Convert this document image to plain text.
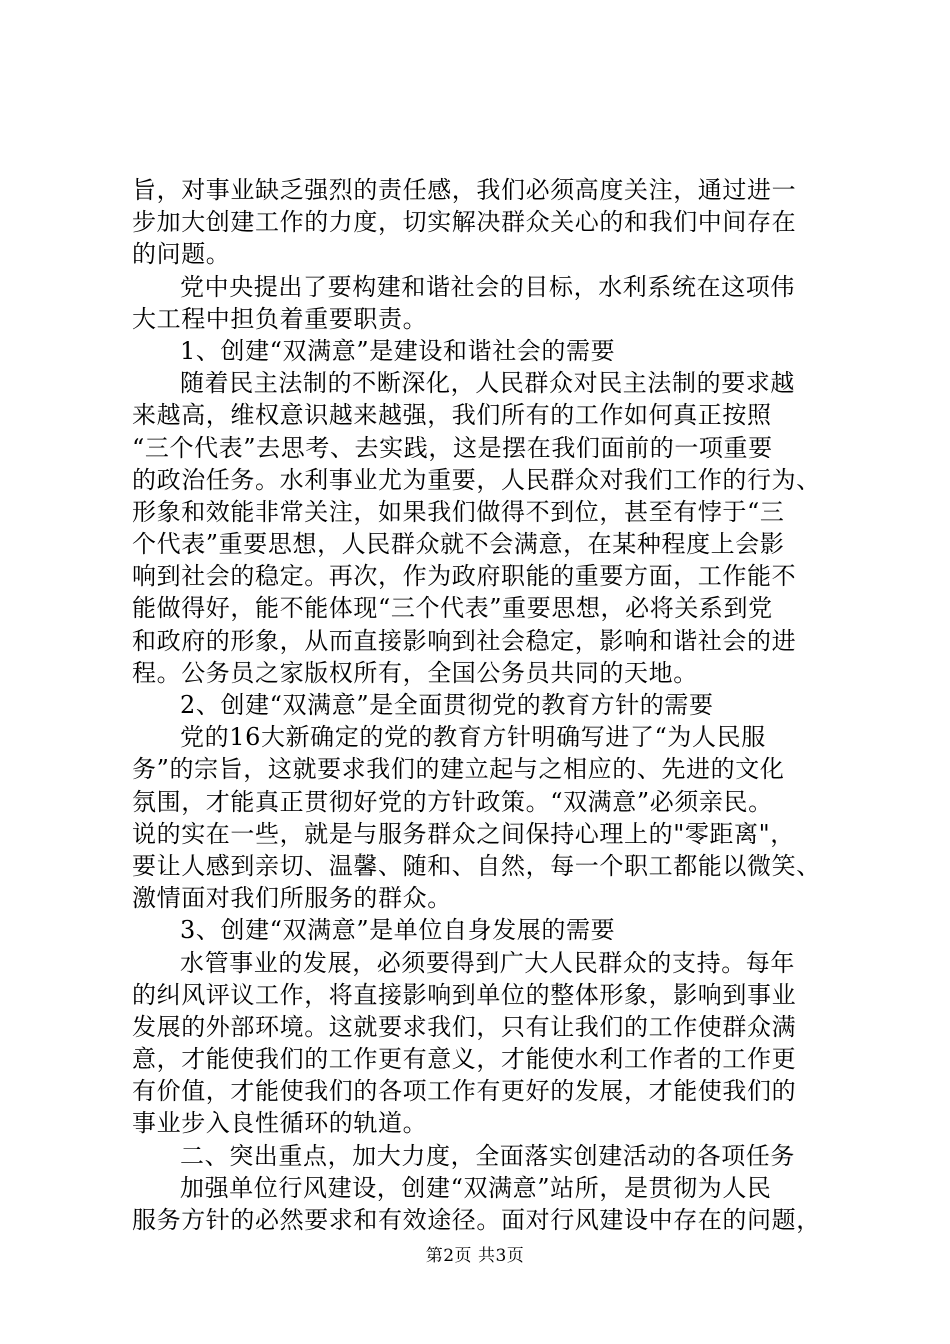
旨，对事业缺乏强烈的责任感，我们必须高度关注，通过进一
步加大创建工作的力度，切实解决群众关心的和我们中间存在
的问题。
党中央提出了要构建和谐社会的目标，水利系统在这项伟
大工程中担负着重要职责。
1、创建“双满意”是建设和谐社会的需要
随着民主法制的不断深化，人民群众对民主法制的要求越
来越高，维权意识越来越强，我们所有的工作如何真正按照
“三个代表”去思考、去实践，这是摆在我们面前的一项重要
的政治任务。水利事业尤为重要，人民群众对我们工作的行为、
形象和效能非常关注，如果我们做得不到位，甚至有悖于“三
个代表”重要思想，人民群众就不会满意，在某种程度上会影
响到社会的稳定。再次，作为政府职能的重要方面，工作能不
能做得好，能不能体现“三个代表”重要思想，必将关系到党
和政府的形象，从而直接影响到社会稳定，影响和谐社会的进
程。公务员之家版权所有，全国公务员共同的天地。
2、创建“双满意”是全面贯彻党的教育方针的需要
党的16大新确定的党的教育方针明确写进了“为人民服
务”的宗旨，这就要求我们的建立起与之相应的、先进的文化
氛围，才能真正贯彻好党的方针政策。“双满意”必须亲民。
说的实在一些，就是与服务群众之间保持心理上的"零距离"，
要让人感到亲切、温馨、随和、自然，每一个职工都能以微笑、
激情面对我们所服务的群众。
3、创建“双满意”是单位自身发展的需要
水管事业的发展，必须要得到广大人民群众的支持。每年
的纠风评议工作，将直接影响到单位的整体形象，影响到事业
发展的外部环境。这就要求我们，只有让我们的工作使群众满
意，才能使我们的工作更有意义，才能使水利工作者的工作更
有价值，才能使我们的各项工作有更好的发展，才能使我们的
事业步入良性循环的轨道。
二、突出重点，加大力度，全面落实创建活动的各项任务
加强单位行风建设，创建“双满意”站所，是贯彻为人民
服务方针的必然要求和有效途径。面对行风建设中存在的问题，
第2页 共3页
